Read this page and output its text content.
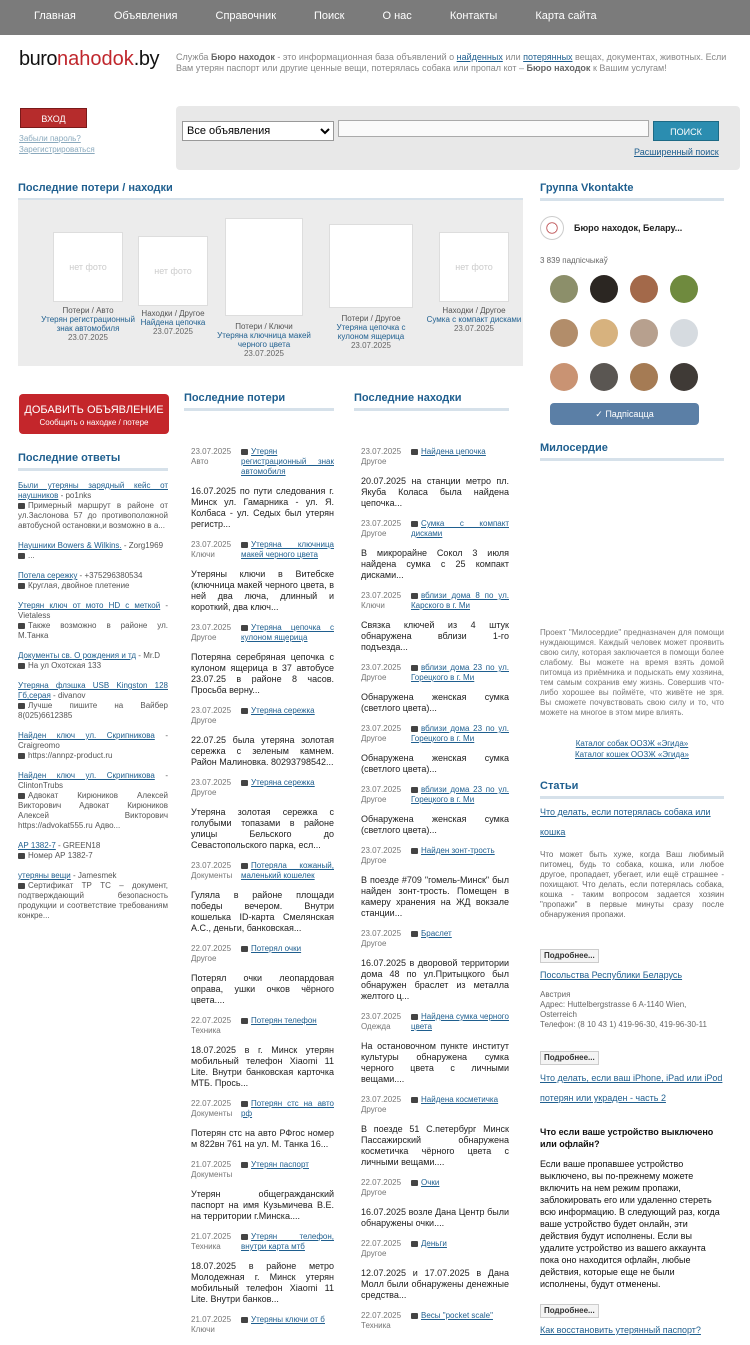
Главная	Объявления	Справочник	Поиск	О нас	Контакты	Карта сайта
buronahodok.by Служба Бюро находок - это информационная база объявлений о найденных или потерянных вещах, документах, животных. Если Вам утерян паспорт или другие ценные вещи, потерялась собака или пропал кот – Бюро находок к Вашим услугам!
ВХОД
Забыли пароль?
Зарегистрироваться
Все объявления
ПОИСК
Расширенный поиск
Последние потери / находки
нет фото
Потери / Авто
Утерян регистрационный знак автомобиля
23.07.2025
нет фото
Находки / Другое
Найдена цепочка
23.07.2025
buronahodok.by
Потери / Ключи
Утеряна ключница макей черного цвета
23.07.2025
buronahodok.by
Потери / Другое
Утеряна цепочка с кулоном ящерица
23.07.2025
нет фото
Находки / Другое
Сумка с компакт дисками
23.07.2025
ДОБАВИТЬ ОБЪЯВЛЕНИЕ
Сообщить о находке / потере
Последние ответы
Были утеряны зарядный кейс от наушников - po1nks
Примерный маршрут в районе от ул.Заслонова 57 до противоположной автобусной остановки,и возможно в а...
Наушники Bowers & Wilkins. - Zorg1969
...
Потела сережку - +375296380534
Круглая, двойное плетение
Утерян ключ от мото HD с меткой - Vietaless
Также возможно в районе ул. М.Танка
Документы св. О рождения и тд - Mr.D
На ул Охотская 133
Утеряна флэшка USB Kingston 128 Гб,серая - divanov
Лучше пишите на Вайбер 8(025)6612385
Найден ключ ул. Скрипникова - Craigreomo
https://annpz-product.ru
Найден ключ ул. Скрипникова - ClintonTrubs
Адвокат Кирюников Алексей Викторович Адвокат Кирюников Алексей Викторович https://advokat555.ru Адво...
АР 1382-7 - GREEN18
Номер АР 1382-7
утеряны вещи - Jamesmek
Сертификат ТР ТС – документ, подтверждающий безопасность продукции и соответствие требованиям конкре...
Последние потери
23.07.2025
Авто
Утерян регистрационный знак автомобиля
16.07.2025 по пути следования г. Минск ул. Гамарника - ул. Я. Колбаса - ул. Седых был утерян регистр...
23.07.2025
Ключи
Утеряна ключница макей черного цвета
Утеряны ключи в Витебске (ключница макей черного цвета, в ней два лючa, длинный и короткий, два ключ...
23.07.2025
Другое
Утеряна цепочка с кулоном ящерица
Потеряна серебряная цепочка с кулоном ящерица в 37 автобусе 23.07.25 в районе 8 часов. Просьба верну...
23.07.2025
Другое
Утеряна сережка
22.07.25 была утеряна золотая сережка с зеленым камнем. Район Малиновка. 80293798542...
23.07.2025
Другое
Утеряна сережка
Утеряна золотая сережка с голубыми топазами в районе улицы Бельского до Севастопольского парка, есл...
23.07.2025
Документы
Потеряла кожаный, маленький кошелек
Гуляла в районе площади победы вечером. Внутри кошелька ID-карта Смелянская А.С., деньги, банковская...
22.07.2025
Другое
Потерял очки
Потерял очки леопардовая оправа, ушки очков чёрного цвета....
22.07.2025
Техника
Потерян телефон
18.07.2025 в г. Минск утерян мобильный телефон Xiaomi 11 Lite. Внутри банковская карточка МТБ. Прось...
22.07.2025
Документы
Потерян стс на авто рф
Потерян стс на авто РФгос номер м 822вн 761 на ул. М. Танка 16...
21.07.2025
Документы
Утерян паспорт
Утерян общегражданский паспорт на имя Кузьмичева В.Е. на территории г.Минска....
21.07.2025
Техника
Утерян телефон, внутри карта мтб
18.07.2025 в районе метро Молодежная г. Минск утерян мобильный телефон Xiaomi 11 Lite. Внутри банков...
21.07.2025
Ключи
Утеряны ключи от б
Последние находки
23.07.2025
Другое
Найдена цепочка
20.07.2025 на станции метро пл. Якуба Коласа была найдена цепочка...
23.07.2025
Другое
Сумка с компакт дисками
В микрорайне Сокол 3 июля найдена сумка с 25 компакт дисками...
23.07.2025
Ключи
вблизи дома 8 по ул. Карского в г. Ми
Связка ключей из 4 штук обнаружена вблизи 1-го подъезда...
23.07.2025
Другое
вблизи дома 23 по ул. Горецкого в г. Ми
Обнаружена женская сумка (светлого цвета)...
23.07.2025
Другое
вблизи дома 23 по ул. Горецкого в г. Ми
Обнаружена женская сумка (светлого цвета)...
23.07.2025
Другое
вблизи дома 23 по ул. Горецкого в г. Ми
Обнаружена женская сумка (светлого цвета)...
23.07.2025
Другое
Найден зонт-трость
В поезде #709 "гомель-Минск" был найден зонт-трость. Помещен в камеру хранения на ЖД вокзале станции...
23.07.2025
Другое
Браслет
16.07.2025 в дворовой территории дома 48 по ул.Притыцкого был обнаружен браслет из металла желтого ц...
23.07.2025
Одежда
Найдена сумка черного цвета
На остановочном пункте институт культуры обнаружена сумка черного цвета с личными вещами....
23.07.2025
Другое
Найдена косметичка
В поезде 51 С.петербург Минск Пассажирский обнаружена косметичка чёрного цвета с личными вещами....
22.07.2025
Другое
Очки
16.07.2025 возле Дана Центр были обнаружены очки....
22.07.2025
Другое
Деньги
12.07.2025 и 17.07.2025 в Дана Молл были обнаружены денежные средства...
22.07.2025
Техника
Весы "pocket scale"
Группа Vkontakte
Бюро находок, Белару...
3 839 падпісчыкаў
✓ Падпісацца
Милосердие
Проект "Милосердие" предназначен для помощи нуждающимся. Каждый человек может проявить свою силу, которая заключается в помощи более слабому. Вы можете на время взять домой питомца из приёмника и подыскать ему хозяина, тем самым сохранив ему жизнь. Совершив что-либо хорошее вы поймёте, что живёте не зря. Вы сможете почувствовать свою силу и то, что можете на многое в этом мире влиять.
Каталог собак ООЗЖ «Эгида»
Каталог кошек ООЗЖ «Эгида»
Статьи
Что делать, если потерялась собака или кошка
Что может быть хуже, когда Ваш любимый питомец, будь то собака, кошка, или любое другое, пропадает, убегает, или ещё страшнее - похищают. Что делать, если потерялась собака, кошка - таким вопросом задается хозяин "пропажи" в первые минуты сразу после обнаружения пропажи.
Подробнее...
Посольства Республики Беларусь
Австрия
Адрес: Huttelbergstrasse 6 A-1140 Wien, Osterreich
Телефон: (8 10 43 1) 419-96-30, 419-96-30-11
Подробнее...
Что делать, если ваш iPhone, iPad или iPod потерян или украден - часть 2
Что если ваше устройство выключено или офлайн?
Если ваше пропавшее устройство выключено, вы по-прежнему можете включить на нем режим пропажи, заблокировать его или удаленно стереть всю информацию. В следующий раз, когда ваше устройство будет онлайн, эти действия будут исполнены. Если вы удалите устройство из вашего аккаунта пока оно находится офлайн, любые действия, которые еще не были исполнены, будут отменены.
Подробнее...
Как восстановить утерянный паспорт?
